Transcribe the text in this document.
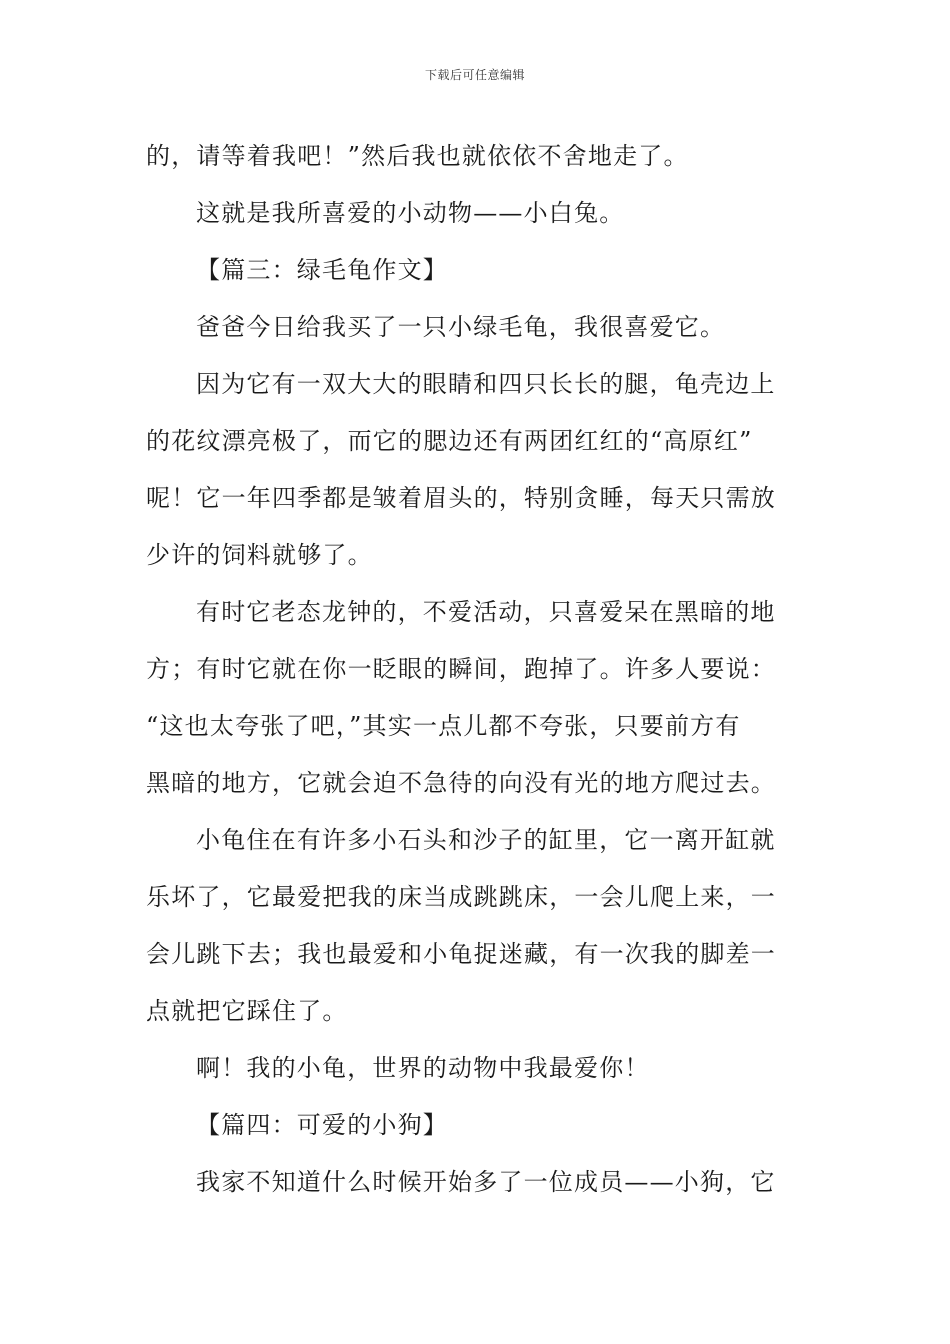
下载后可任意编辑
的，请等着我吧！”然后我也就依依不舍地走了。
这就是我所喜爱的小动物——小白兔。
【篇三：绿毛龟作文】
爸爸今日给我买了一只小绿毛龟，我很喜爱它。
因为它有一双大大的眼睛和四只长长的腿，龟壳边上
的花纹漂亮极了，而它的腮边还有两团红红的“高原红”
呢！它一年四季都是皱着眉头的，特别贪睡，每天只需放
少许的饲料就够了。
有时它老态龙钟的，不爱活动，只喜爱呆在黑暗的地
方；有时它就在你一眨眼的瞬间，跑掉了。许多人要说：
“这也太夸张了吧，”其实一点儿都不夸张，只要前方有
黑暗的地方，它就会迫不急待的向没有光的地方爬过去。
小龟住在有许多小石头和沙子的缸里，它一离开缸就
乐坏了，它最爱把我的床当成跳跳床，一会儿爬上来，一
会儿跳下去；我也最爱和小龟捉迷藏，有一次我的脚差一
点就把它踩住了。
啊！我的小龟，世界的动物中我最爱你！
【篇四：可爱的小狗】
我家不知道什么时候开始多了一位成员——小狗，它
